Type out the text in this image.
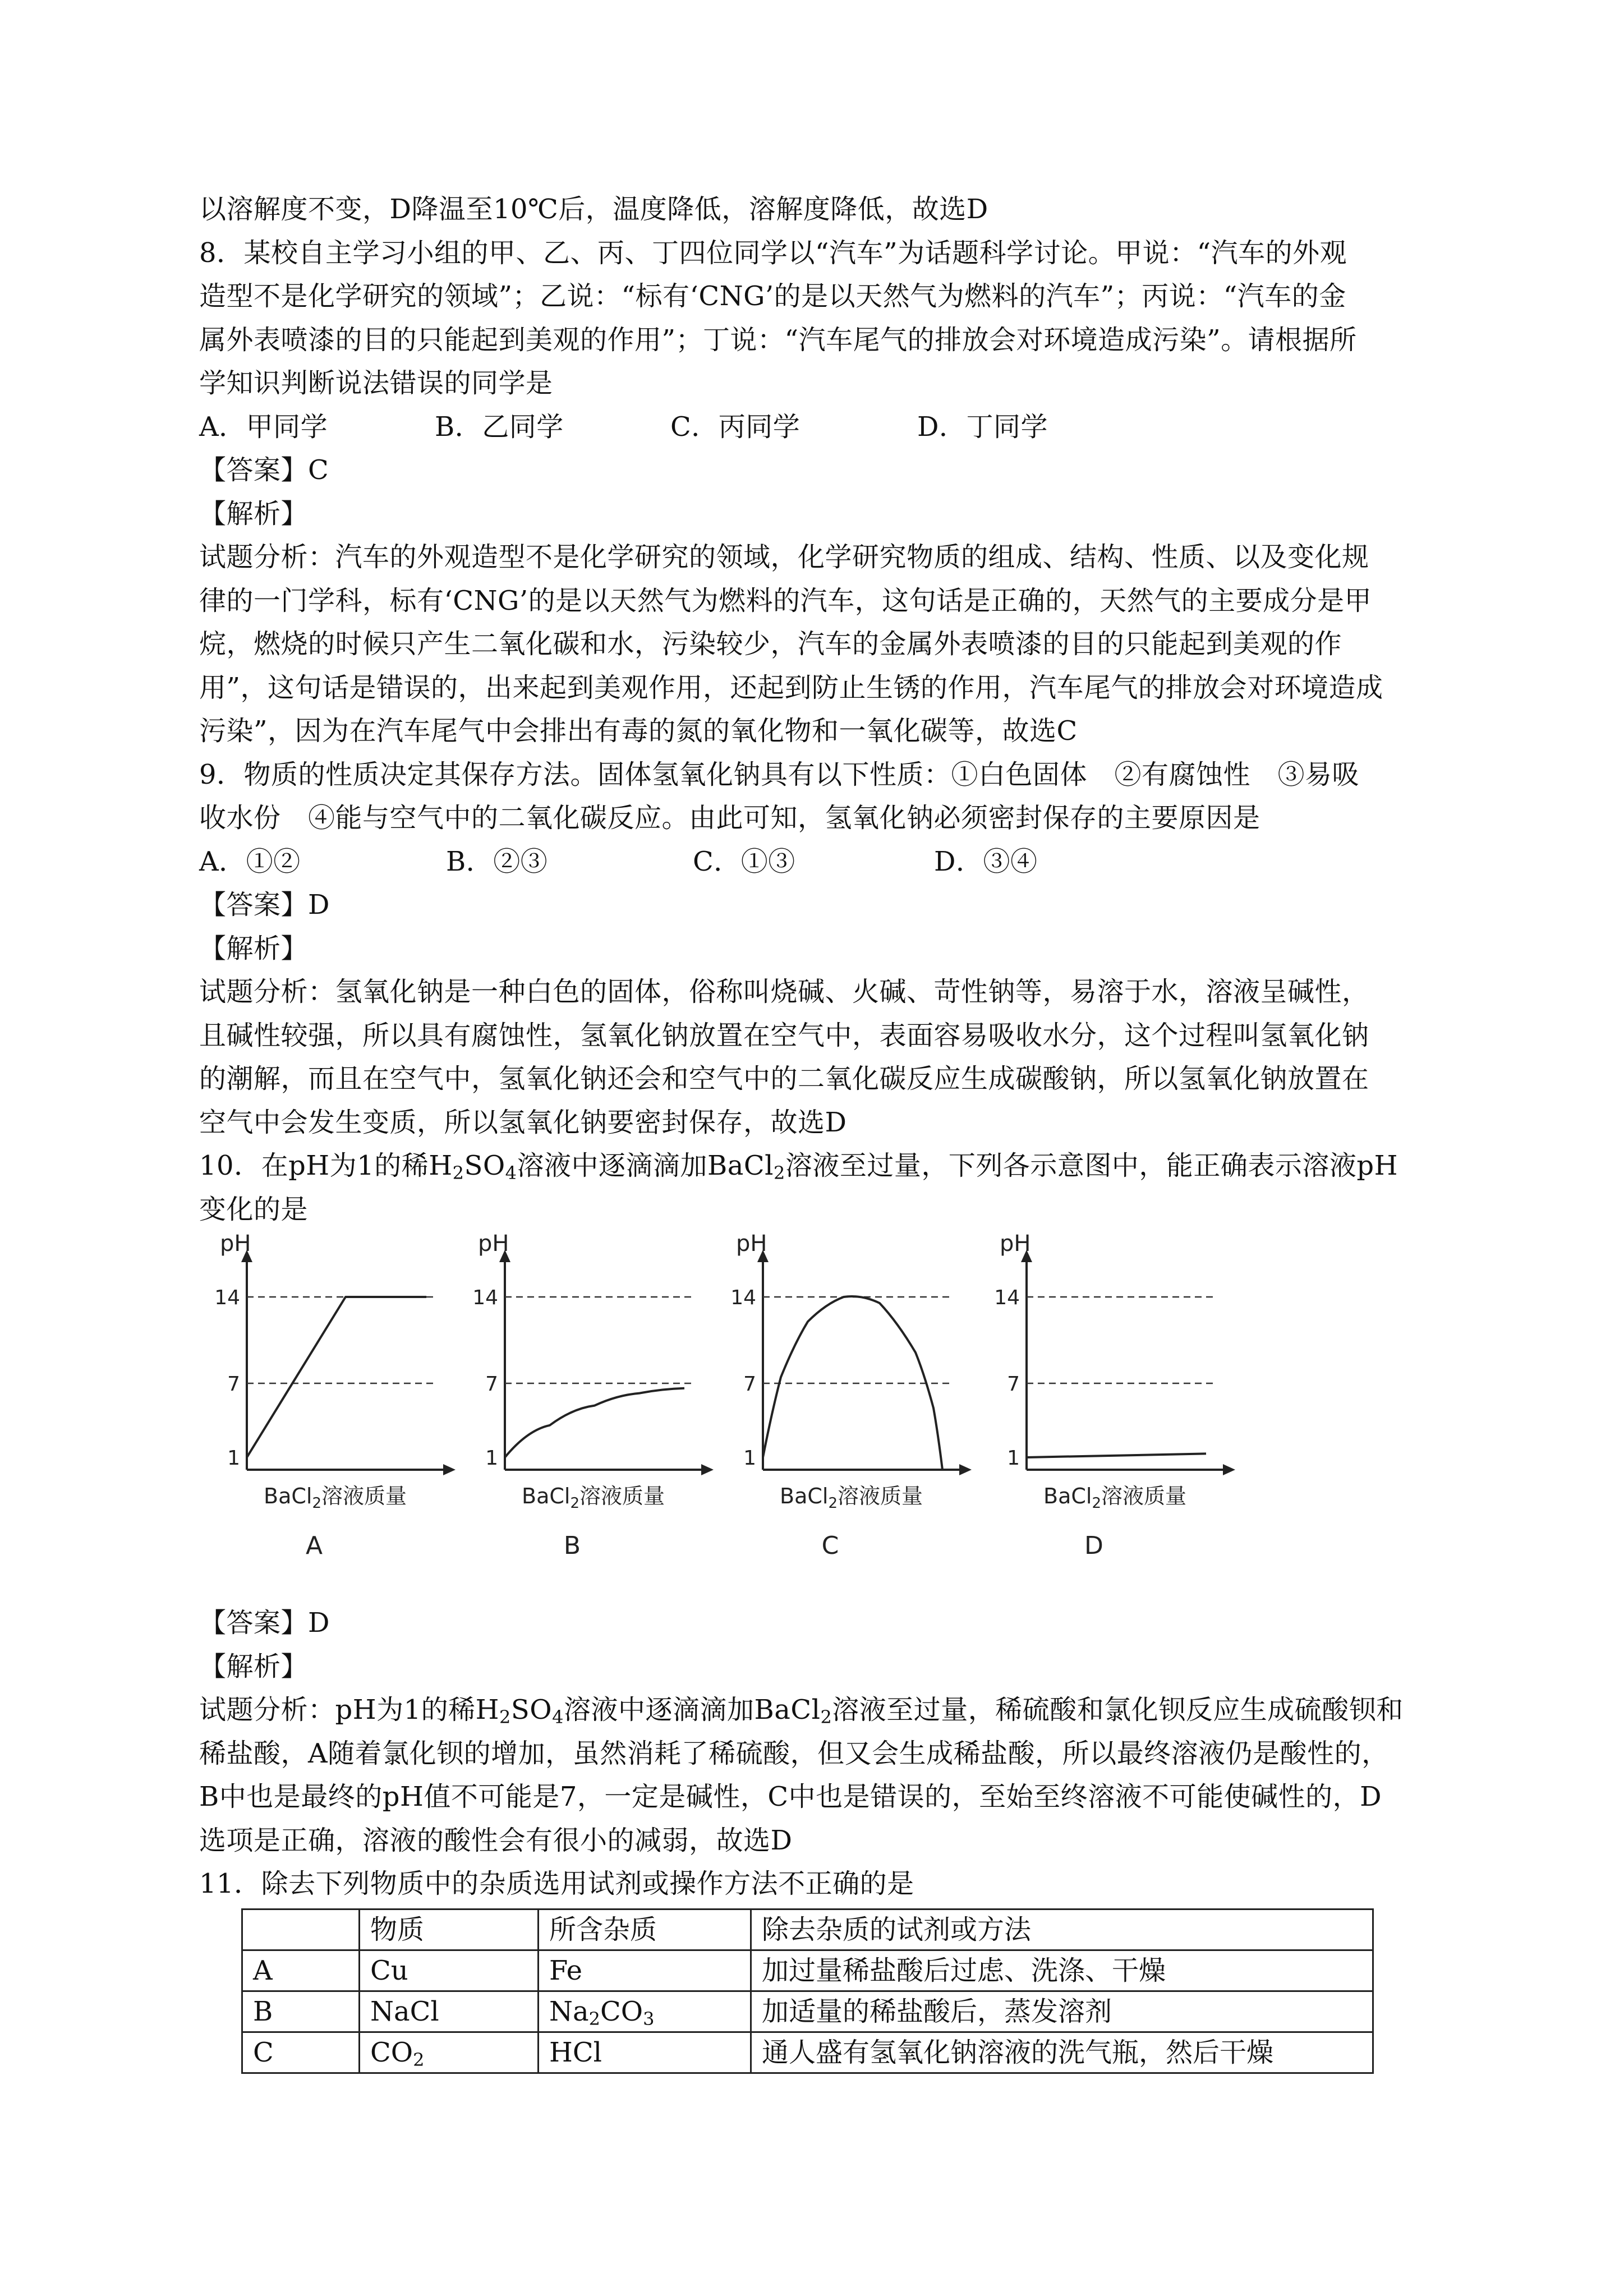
以溶解度不变，D降温至10℃后，温度降低，溶解度降低，故选D
8．某校自主学习小组的甲、乙、丙、丁四位同学以“汽车”为话题科学讨论。甲说：“汽车的外观
造型不是化学研究的领域”；乙说：“标有‘CNG’的是以天然气为燃料的汽车”；丙说：“汽车的金
属外表喷漆的目的只能起到美观的作用”；丁说：“汽车尾气的排放会对环境造成污染”。请根据所
学知识判断说法错误的同学是
A．甲同学	B．乙同学	C．丙同学	D．丁同学
【答案】C
【解析】
试题分析：汽车的外观造型不是化学研究的领域，化学研究物质的组成、结构、性质、以及变化规
律的一门学科，标有‘CNG’的是以天然气为燃料的汽车，这句话是正确的，天然气的主要成分是甲
烷，燃烧的时候只产生二氧化碳和水，污染较少，汽车的金属外表喷漆的目的只能起到美观的作
用”，这句话是错误的，出来起到美观作用，还起到防止生锈的作用，汽车尾气的排放会对环境造成
污染”，因为在汽车尾气中会排出有毒的氮的氧化物和一氧化碳等，故选C
9．物质的性质决定其保存方法。固体氢氧化钠具有以下性质：①白色固体　②有腐蚀性　③易吸
收水份　④能与空气中的二氧化碳反应。由此可知，氢氧化钠必须密封保存的主要原因是
A．①②	B．②③	C．①③	D．③④
【答案】D
【解析】
试题分析：氢氧化钠是一种白色的固体，俗称叫烧碱、火碱、苛性钠等，易溶于水，溶液呈碱性，
且碱性较强，所以具有腐蚀性，氢氧化钠放置在空气中，表面容易吸收水分，这个过程叫氢氧化钠
的潮解，而且在空气中，氢氧化钠还会和空气中的二氧化碳反应生成碳酸钠，所以氢氧化钠放置在
空气中会发生变质，所以氢氧化钠要密封保存，故选D
10．在pH为1的稀$H_2SO_4$溶液中逐滴滴加BaCl$_2$溶液至过量，下列各示意图中，能正确表示溶液pH
变化的是
pH
1
7
14
BaCl$_2$溶液质量
A
pH
1
7
14
BaCl$_2$溶液质量
B
pH
1
7
14
BaCl$_2$溶液质量
C
pH
1
7
14
BaCl$_2$溶液质量
D
【答案】D
【解析】
试题分析：pH为1的稀$H_2SO_4$溶液中逐滴滴加BaCl$_2$溶液至过量，稀硫酸和氯化钡反应生成硫酸钡和
稀盐酸，A随着氯化钡的增加，虽然消耗了稀硫酸，但又会生成稀盐酸，所以最终溶液仍是酸性的，
B中也是最终的pH值不可能是7，一定是碱性，C中也是错误的，至始至终溶液不可能使碱性的，D
选项是正确，溶液的酸性会有很小的减弱，故选D
11．除去下列物质中的杂质选用试剂或操作方法不正确的是
	物质	所含杂质	除去杂质的试剂或方法
A	Cu	Fe	加过量稀盐酸后过虑、洗涤、干燥
B	NaCl	$Na_2CO_3$	加适量的稀盐酸后，蒸发溶剂
C	$CO_2$	HCl	通人盛有氢氧化钠溶液的洗气瓶，然后干燥
